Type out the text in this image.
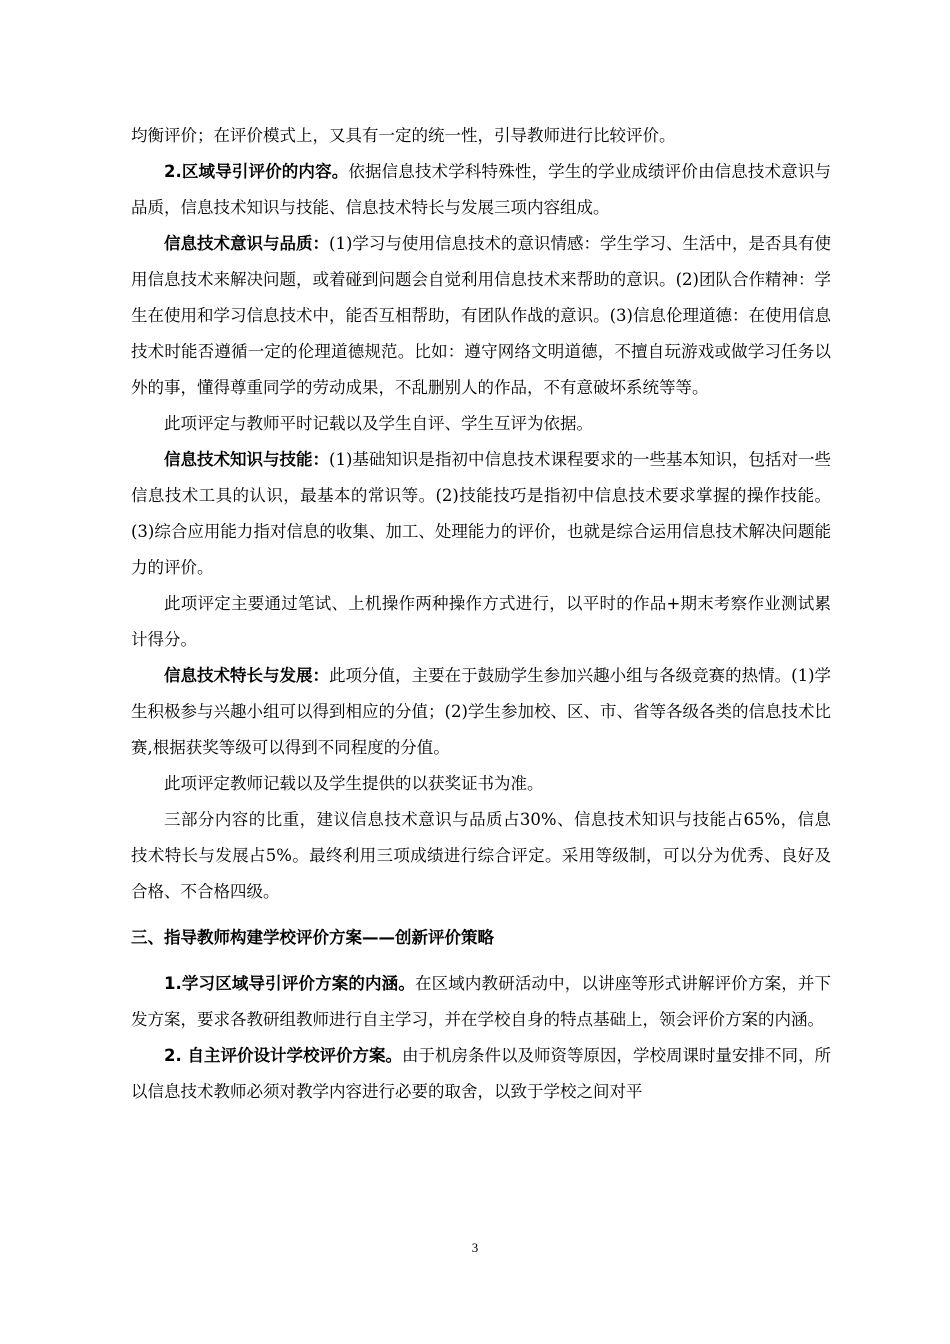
均衡评价；在评价模式上，又具有一定的统一性，引导教师进行比较评价。

2.区域导引评价的内容。依据信息技术学科特殊性，学生的学业成绩评价由信息技术意识与品质，信息技术知识与技能、信息技术特长与发展三项内容组成。

信息技术意识与品质：(1)学习与使用信息技术的意识情感：学生学习、生活中，是否具有使用信息技术来解决问题，或着碰到问题会自觉利用信息技术来帮助的意识。(2)团队合作精神：学生在使用和学习信息技术中，能否互相帮助，有团队作战的意识。(3)信息伦理道德：在使用信息技术时能否遵循一定的伦理道德规范。比如：遵守网络文明道德，不擅自玩游戏或做学习任务以外的事，懂得尊重同学的劳动成果，不乱删别人的作品，不有意破坏系统等等。

此项评定与教师平时记载以及学生自评、学生互评为依据。

信息技术知识与技能：(1)基础知识是指初中信息技术课程要求的一些基本知识，包括对一些信息技术工具的认识，最基本的常识等。(2)技能技巧是指初中信息技术要求掌握的操作技能。(3)综合应用能力指对信息的收集、加工、处理能力的评价，也就是综合运用信息技术解决问题能力的评价。

此项评定主要通过笔试、上机操作两种操作方式进行，以平时的作品+期末考察作业测试累计得分。

信息技术特长与发展：此项分值，主要在于鼓励学生参加兴趣小组与各级竞赛的热情。(1)学生积极参与兴趣小组可以得到相应的分值；(2)学生参加校、区、市、省等各级各类的信息技术比赛,根据获奖等级可以得到不同程度的分值。

此项评定教师记载以及学生提供的以获奖证书为准。

三部分内容的比重，建议信息技术意识与品质占30%、信息技术知识与技能占65%，信息技术特长与发展占5%。最终利用三项成绩进行综合评定。采用等级制，可以分为优秀、良好及合格、不合格四级。

三、指导教师构建学校评价方案——创新评价策略

1.学习区域导引评价方案的内涵。在区域内教研活动中，以讲座等形式讲解评价方案，并下发方案，要求各教研组教师进行自主学习，并在学校自身的特点基础上，领会评价方案的内涵。

2. 自主评价设计学校评价方案。由于机房条件以及师资等原因，学校周课时量安排不同，所以信息技术教师必须对教学内容进行必要的取舍，以致于学校之间对平

3
